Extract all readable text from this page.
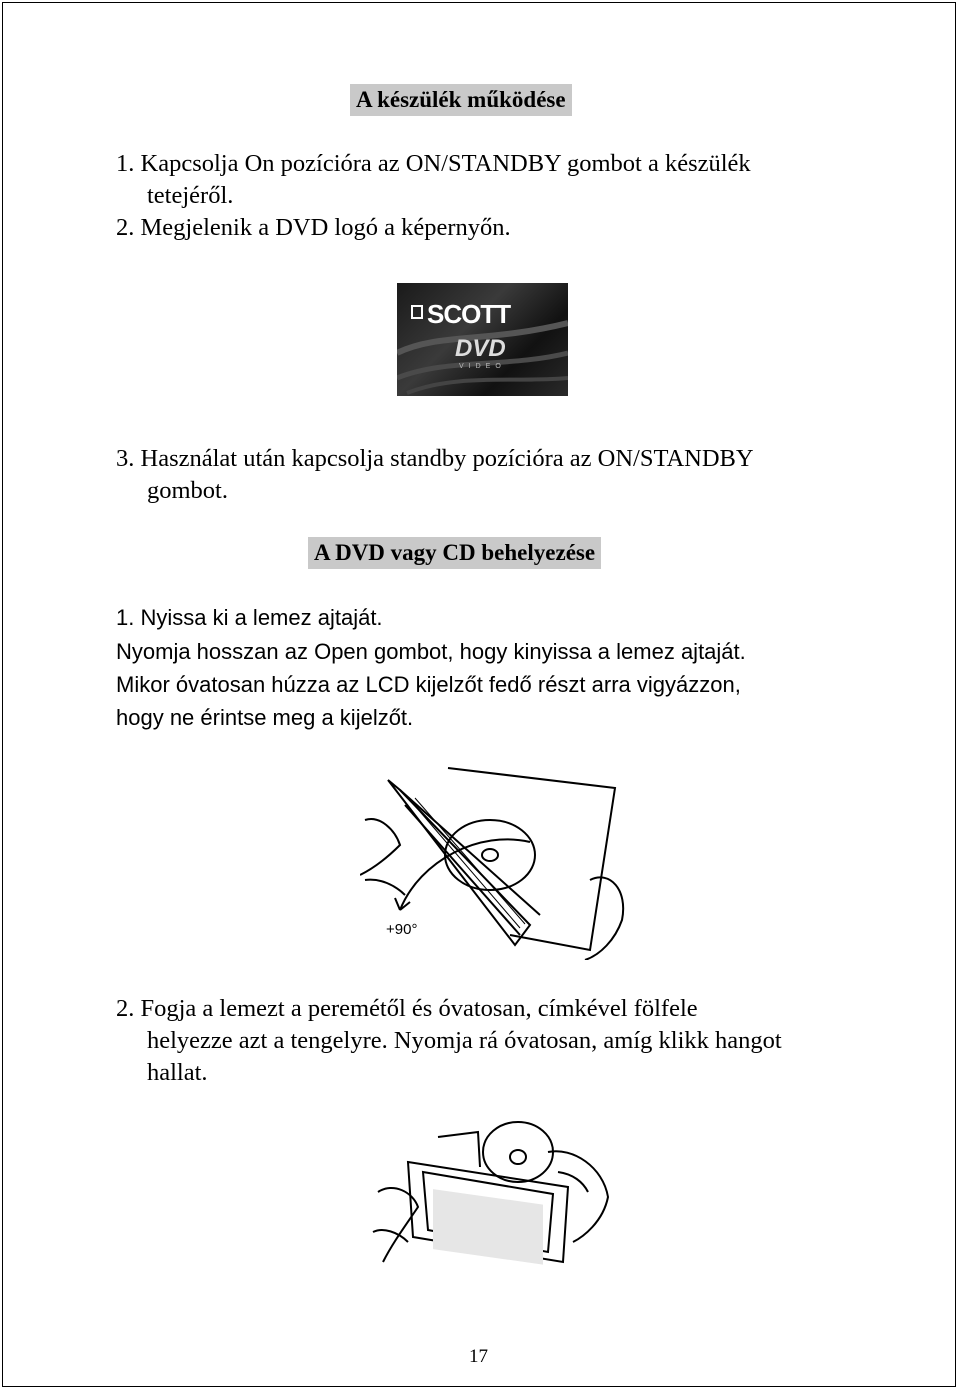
A készülék működése
1. Kapcsolja On pozícióra az ON/STANDBY gombot a készülék
tetejéről.
2. Megjelenik a DVD logó a képernyőn.
SCOTT
DVD
VIDEO
3. Használat után kapcsolja standby pozícióra az ON/STANDBY
gombot.
A DVD vagy CD behelyezése
1. Nyissa ki a lemez ajtaját.
Nyomja hosszan az Open gombot, hogy kinyissa a lemez ajtaját.
Mikor óvatosan húzza az LCD kijelzőt fedő részt arra vigyázzon,
hogy ne érintse meg a kijelzőt.
+90°
2. Fogja a lemezt a peremétől és óvatosan, címkével fölfele
helyezze azt a tengelyre. Nyomja rá óvatosan, amíg klikk hangot
hallat.
17
